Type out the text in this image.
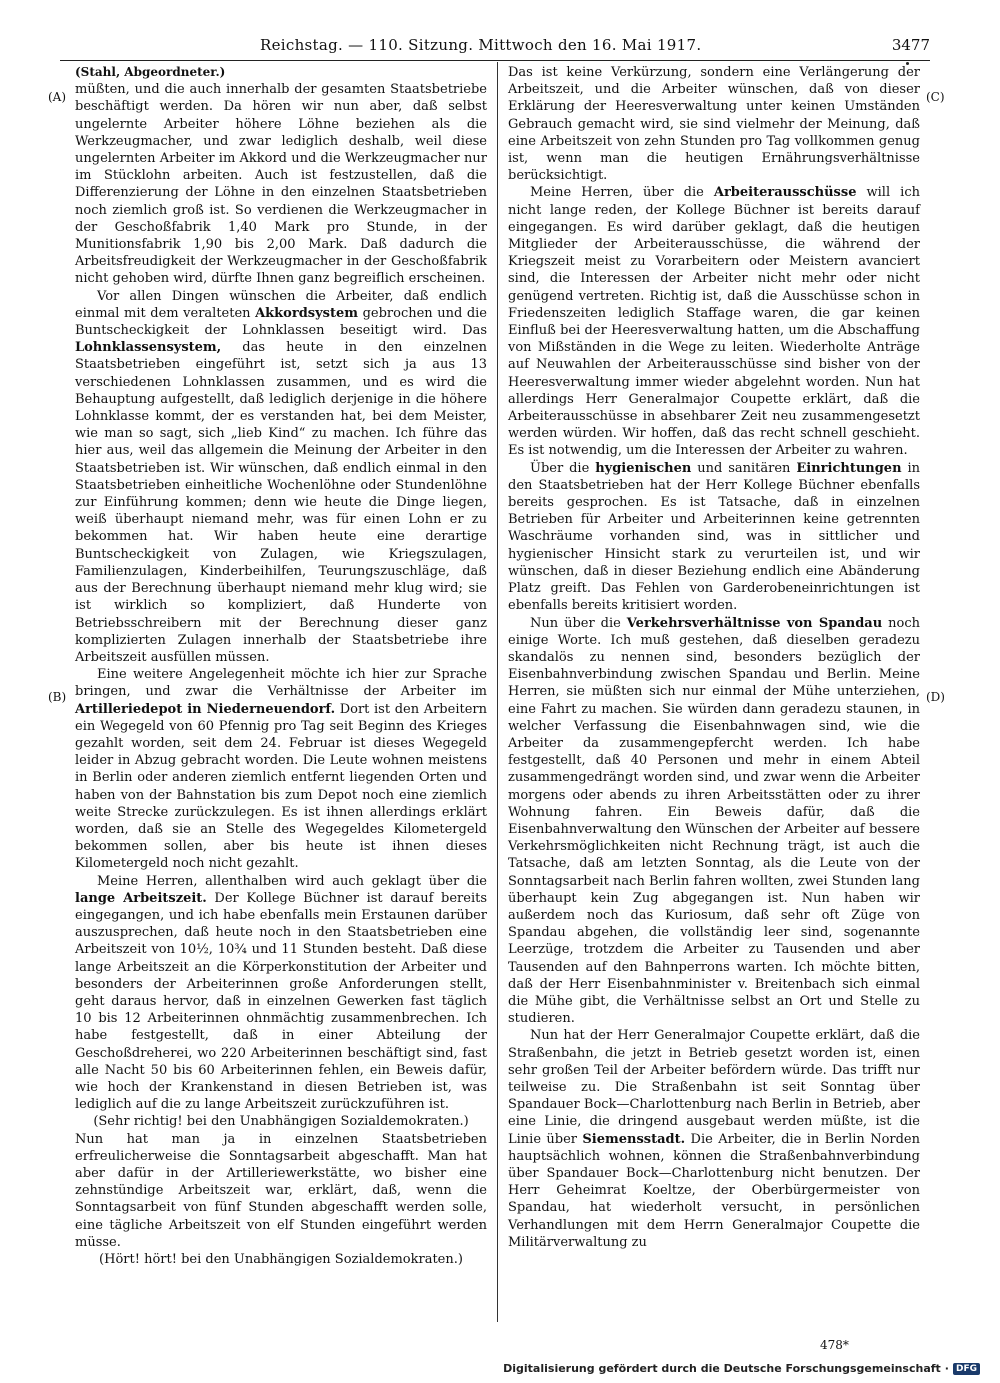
Reichstag. — 110. Sitzung. Mittwoch den 16. Mai 1917.	3477
(A)
(B)
(C)
(D)

(Stahl, Abgeordneter.)

müßten, und die auch innerhalb der gesamten Staatsbetriebe beschäftigt werden. Da hören wir nun aber, daß selbst ungelernte Arbeiter höhere Löhne beziehen als die Werkzeugmacher, und zwar lediglich deshalb, weil diese ungelernten Arbeiter im Akkord und die Werkzeugmacher nur im Stücklohn arbeiten. Auch ist festzustellen, daß die Differenzierung der Löhne in den einzelnen Staatsbetrieben noch ziemlich groß ist. So verdienen die Werkzeugmacher in der Geschoßfabrik 1,40 Mark pro Stunde, in der Munitionsfabrik 1,90 bis 2,00 Mark. Daß dadurch die Arbeitsfreudigkeit der Werkzeugmacher in der Geschoßfabrik nicht gehoben wird, dürfte Ihnen ganz begreiflich erscheinen.

Vor allen Dingen wünschen die Arbeiter, daß endlich einmal mit dem veralteten Akkordsystem gebrochen und die Buntscheckigkeit der Lohnklassen beseitigt wird. Das Lohnklassensystem, das heute in den einzelnen Staatsbetrieben eingeführt ist, setzt sich ja aus 13 verschiedenen Lohnklassen zusammen, und es wird die Behauptung aufgestellt, daß lediglich derjenige in die höhere Lohnklasse kommt, der es verstanden hat, bei dem Meister, wie man so sagt, sich „lieb Kind“ zu machen. Ich führe das hier aus, weil das allgemein die Meinung der Arbeiter in den Staatsbetrieben ist. Wir wünschen, daß endlich einmal in den Staatsbetrieben einheitliche Wochenlöhne oder Stundenlöhne zur Einführung kommen; denn wie heute die Dinge liegen, weiß überhaupt niemand mehr, was für einen Lohn er zu bekommen hat. Wir haben heute eine derartige Buntscheckigkeit von Zulagen, wie Kriegszulagen, Familienzulagen, Kinderbeihilfen, Teurungszuschläge, daß aus der Berechnung überhaupt niemand mehr klug wird; sie ist wirklich so kompliziert, daß Hunderte von Betriebsschreibern mit der Berechnung dieser ganz komplizierten Zulagen innerhalb der Staatsbetriebe ihre Arbeitszeit ausfüllen müssen.

Eine weitere Angelegenheit möchte ich hier zur Sprache bringen, und zwar die Verhältnisse der Arbeiter im Artilleriedepot in Niederneuendorf. Dort ist den Arbeitern ein Wegegeld von 60 Pfennig pro Tag seit Beginn des Krieges gezahlt worden, seit dem 24. Februar ist dieses Wegegeld leider in Abzug gebracht worden. Die Leute wohnen meistens in Berlin oder anderen ziemlich entfernt liegenden Orten und haben von der Bahnstation bis zum Depot noch eine ziemlich weite Strecke zurückzulegen. Es ist ihnen allerdings erklärt worden, daß sie an Stelle des Wegegeldes Kilometergeld bekommen sollen, aber bis heute ist ihnen dieses Kilometergeld noch nicht gezahlt.

Meine Herren, allenthalben wird auch geklagt über die lange Arbeitszeit. Der Kollege Büchner ist darauf bereits eingegangen, und ich habe ebenfalls mein Erstaunen darüber auszusprechen, daß heute noch in den Staatsbetrieben eine Arbeitszeit von 10½, 10¾ und 11 Stunden besteht. Daß diese lange Arbeitszeit an die Körperkonstitution der Arbeiter und besonders der Arbeiterinnen große Anforderungen stellt, geht daraus hervor, daß in einzelnen Gewerken fast täglich 10 bis 12 Arbeiterinnen ohnmächtig zusammenbrechen. Ich habe festgestellt, daß in einer Abteilung der Geschoßdreherei, wo 220 Arbeiterinnen beschäftigt sind, fast alle Nacht 50 bis 60 Arbeiterinnen fehlen, ein Beweis dafür, wie hoch der Krankenstand in diesen Betrieben ist, was lediglich auf die zu lange Arbeitszeit zurückzuführen ist.

(Sehr richtig! bei den Unabhängigen Sozialdemokraten.)

Nun hat man ja in einzelnen Staatsbetrieben erfreulicherweise die Sonntagsarbeit abgeschafft. Man hat aber dafür in der Artilleriewerkstätte, wo bisher eine zehnstündige Arbeitszeit war, erklärt, daß, wenn die Sonntagsarbeit von fünf Stunden abgeschafft werden solle, eine tägliche Arbeitszeit von elf Stunden eingeführt werden müsse.

(Hört! hört! bei den Unabhängigen Sozialdemokraten.)

Das ist keine Verkürzung, sondern eine Verlängerung der Arbeitszeit, und die Arbeiter wünschen, daß von dieser Erklärung der Heeresverwaltung unter keinen Umständen Gebrauch gemacht wird, sie sind vielmehr der Meinung, daß eine Arbeitszeit von zehn Stunden pro Tag vollkommen genug ist, wenn man die heutigen Ernährungsverhältnisse berücksichtigt.

Meine Herren, über die Arbeiterausschüsse will ich nicht lange reden, der Kollege Büchner ist bereits darauf eingegangen. Es wird darüber geklagt, daß die heutigen Mitglieder der Arbeiterausschüsse, die während der Kriegszeit meist zu Vorarbeitern oder Meistern avanciert sind, die Interessen der Arbeiter nicht mehr oder nicht genügend vertreten. Richtig ist, daß die Ausschüsse schon in Friedenszeiten lediglich Staffage waren, die gar keinen Einfluß bei der Heeresverwaltung hatten, um die Abschaffung von Mißständen in die Wege zu leiten. Wiederholte Anträge auf Neuwahlen der Arbeiterausschüsse sind bisher von der Heeresverwaltung immer wieder abgelehnt worden. Nun hat allerdings Herr Generalmajor Coupette erklärt, daß die Arbeiterausschüsse in absehbarer Zeit neu zusammengesetzt werden würden. Wir hoffen, daß das recht schnell geschieht. Es ist notwendig, um die Interessen der Arbeiter zu wahren.

Über die hygienischen und sanitären Einrichtungen in den Staatsbetrieben hat der Herr Kollege Büchner ebenfalls bereits gesprochen. Es ist Tatsache, daß in einzelnen Betrieben für Arbeiter und Arbeiterinnen keine getrennten Waschräume vorhanden sind, was in sittlicher und hygienischer Hinsicht stark zu verurteilen ist, und wir wünschen, daß in dieser Beziehung endlich eine Abänderung Platz greift. Das Fehlen von Garderobeneinrichtungen ist ebenfalls bereits kritisiert worden.

Nun über die Verkehrsverhältnisse von Spandau noch einige Worte. Ich muß gestehen, daß dieselben geradezu skandalös zu nennen sind, besonders bezüglich der Eisenbahnverbindung zwischen Spandau und Berlin. Meine Herren, sie müßten sich nur einmal der Mühe unterziehen, eine Fahrt zu machen. Sie würden dann geradezu staunen, in welcher Verfassung die Eisenbahnwagen sind, wie die Arbeiter da zusammengepfercht werden. Ich habe festgestellt, daß 40 Personen und mehr in einem Abteil zusammengedrängt worden sind, und zwar wenn die Arbeiter morgens oder abends zu ihren Arbeitsstätten oder zu ihrer Wohnung fahren. Ein Beweis dafür, daß die Eisenbahnverwaltung den Wünschen der Arbeiter auf bessere Verkehrsmöglichkeiten nicht Rechnung trägt, ist auch die Tatsache, daß am letzten Sonntag, als die Leute von der Sonntagsarbeit nach Berlin fahren wollten, zwei Stunden lang überhaupt kein Zug abgegangen ist. Nun haben wir außerdem noch das Kuriosum, daß sehr oft Züge von Spandau abgehen, die vollständig leer sind, sogenannte Leerzüge, trotzdem die Arbeiter zu Tausenden und aber Tausenden auf den Bahnperrons warten. Ich möchte bitten, daß der Herr Eisenbahnminister v. Breitenbach sich einmal die Mühe gibt, die Verhältnisse selbst an Ort und Stelle zu studieren.

Nun hat der Herr Generalmajor Coupette erklärt, daß die Straßenbahn, die jetzt in Betrieb gesetzt worden ist, einen sehr großen Teil der Arbeiter befördern würde. Das trifft nur teilweise zu. Die Straßenbahn ist seit Sonntag über Spandauer Bock—Charlottenburg nach Berlin in Betrieb, aber eine Linie, die dringend ausgebaut werden müßte, ist die Linie über Siemensstadt. Die Arbeiter, die in Berlin Norden hauptsächlich wohnen, können die Straßenbahnverbindung über Spandauer Bock—Charlottenburg nicht benutzen. Der Herr Geheimrat Koeltze, der Oberbürgermeister von Spandau, hat wiederholt versucht, in persönlichen Verhandlungen mit dem Herrn Generalmajor Coupette die Militärverwaltung zu

478*
Digitalisierung gefördert durch die Deutsche Forschungsgemeinschaft · DFG
